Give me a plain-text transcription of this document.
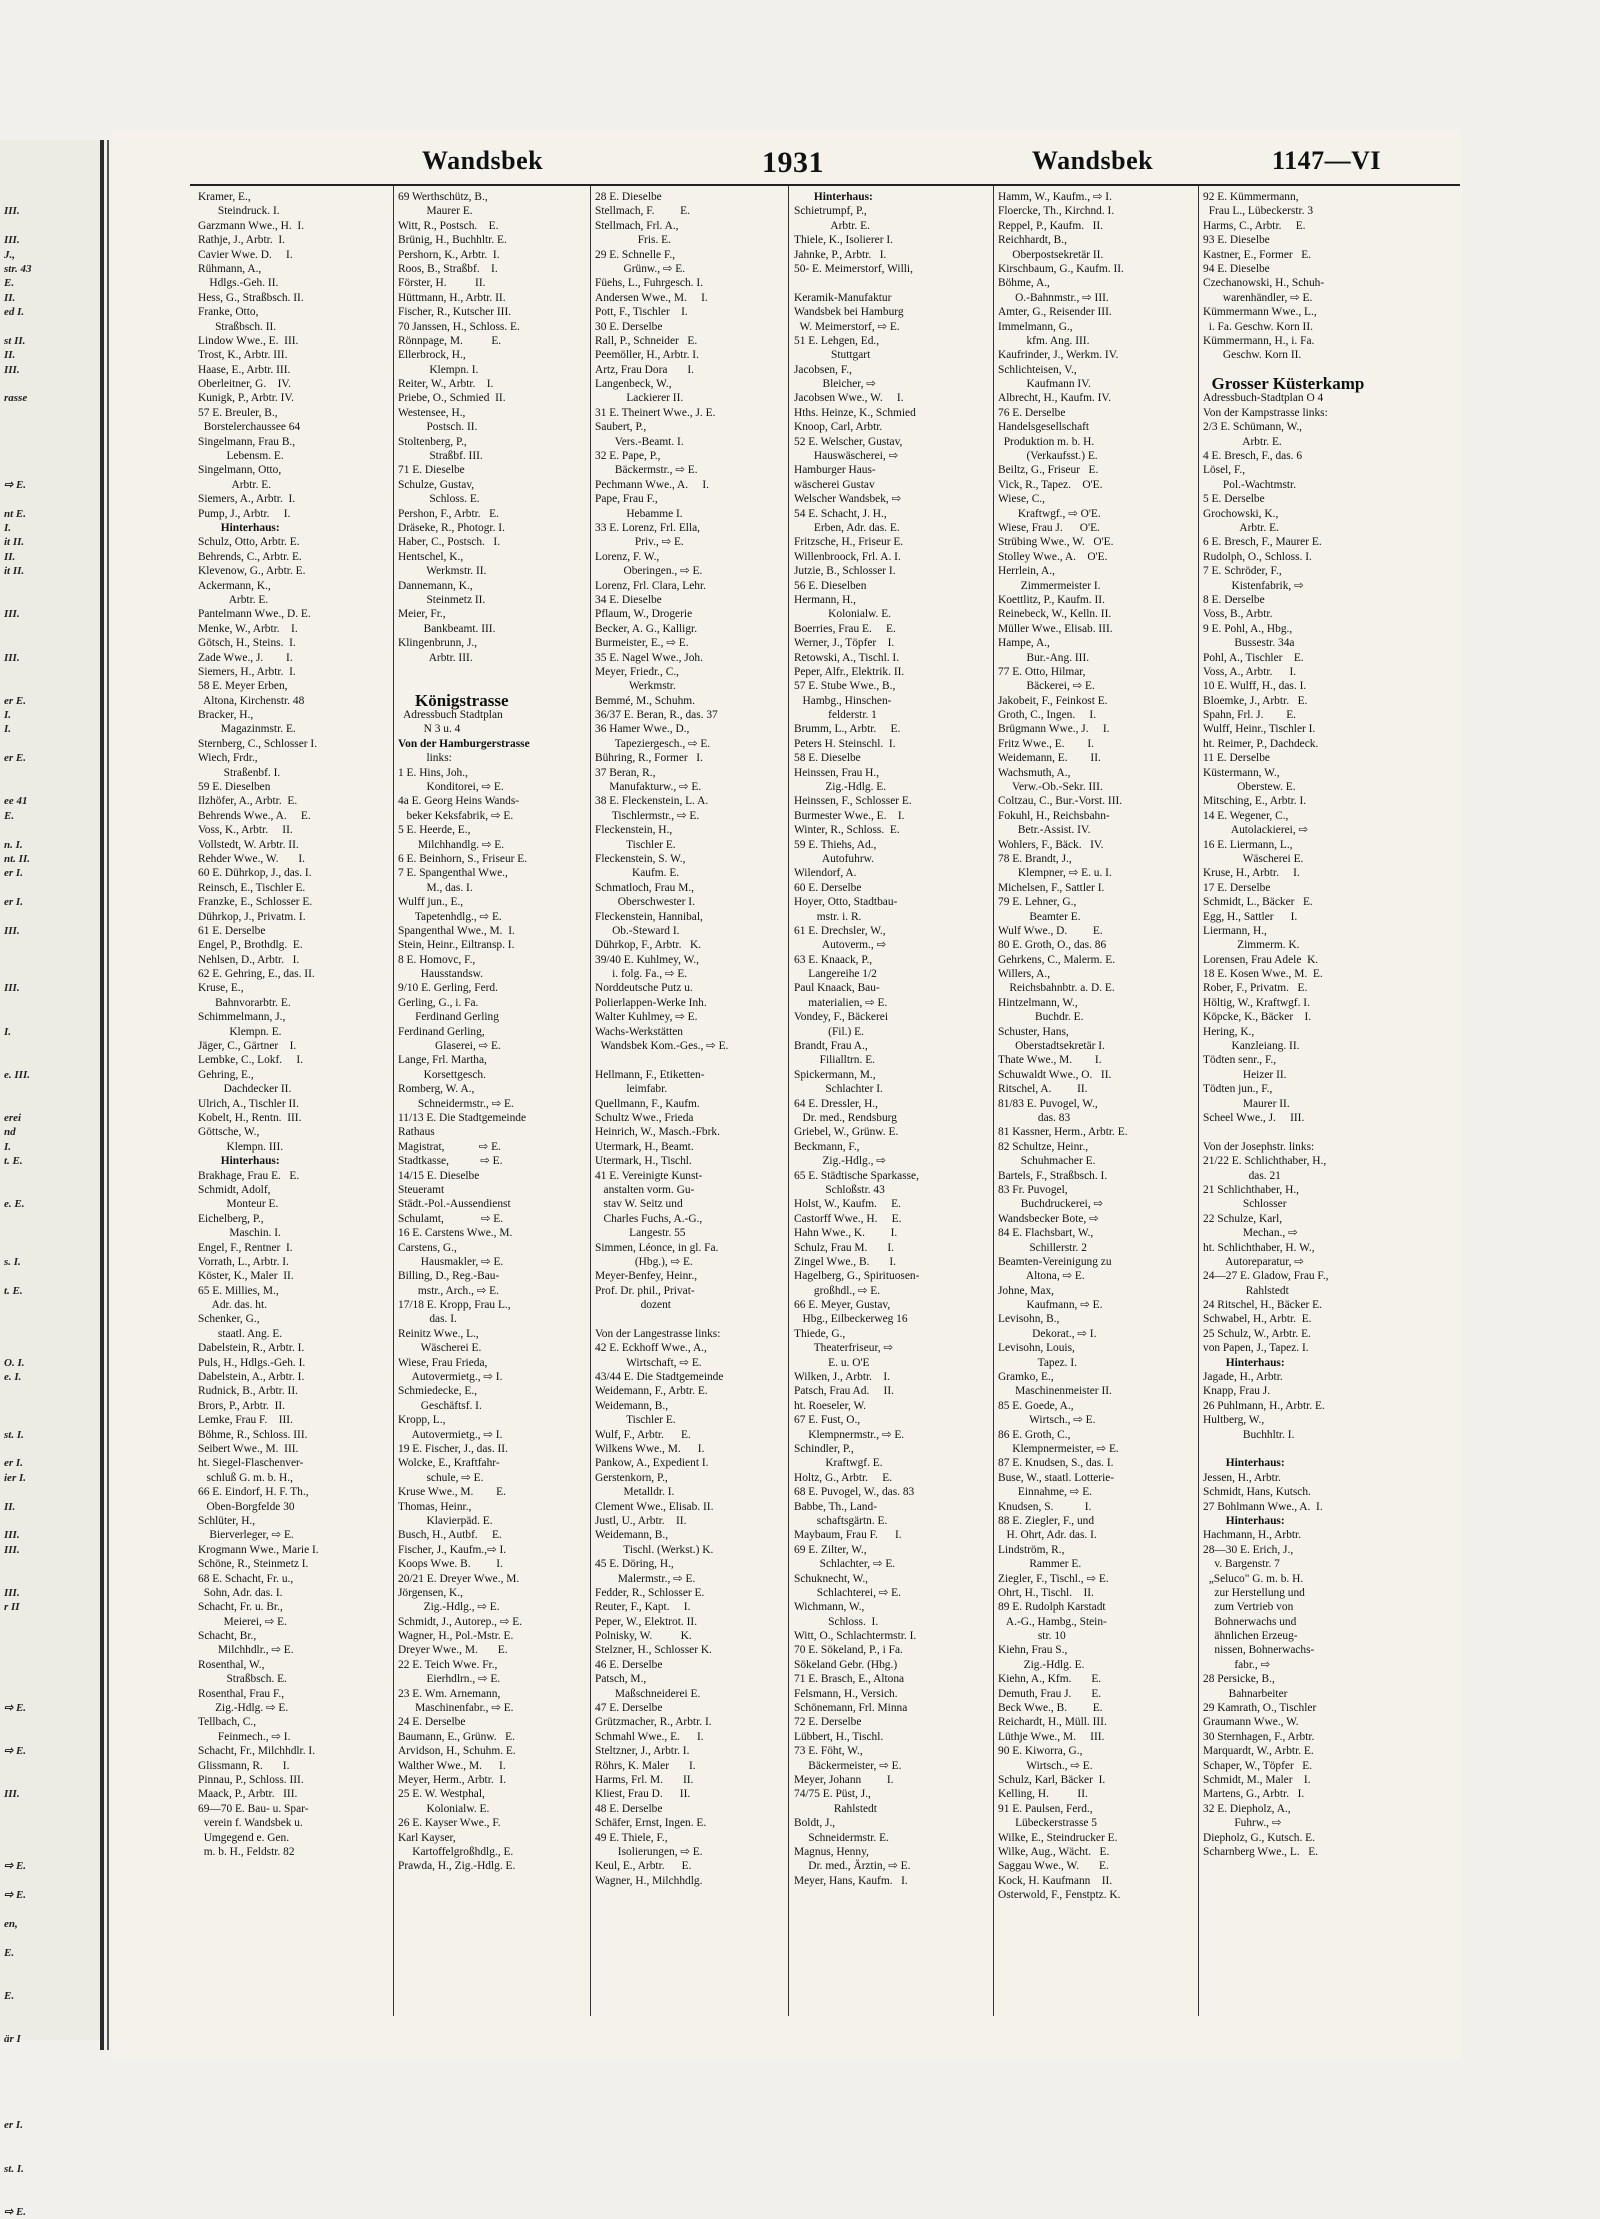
III.
III.
J.,
str. 43
E.
II.
ed I.
st II.
II.
III.
rasse
⇨ E.
nt E.
I.
it II.
II.
it II.
III.
III.
er E.
I.
I.
er E.
ee 41
E.
n. I.
nt. II.
er I.
er I.
III.
III.
I.
e. III.
erei
nd
I.
t. E.
e. E.
s. I.
t. E.
O. I.
e. I.
st. I.
er I.
ier I.
II.
III.
III.
III.
r II
⇨ E.
⇨ E.
III.
⇨ E.
⇨ E.
en,
E.
E.
är I
er I.
st. I.
⇨ E.
Wandsbek	1931	Wandsbek	1147—VI
Kramer, E.,
Steindruck. I.
Garzmann Wwe., H.  I.
Rathje, J., Arbtr.  I.
Cavier Wwe. D.     I.
Rühmann, A.,
Hdlgs.-Geh. II.
Hess, G., Straßbsch. II.
Franke, Otto,
Straßbsch. II.
Lindow Wwe., E.  III.
Trost, K., Arbtr. III.
Haase, E., Arbtr. III.
Oberleitner, G.    IV.
Kunigk, P., Arbtr. IV.
57 E. Breuler, B.,
Borstelerchaussee 64
Singelmann, Frau B.,
Lebensm. E.
Singelmann, Otto,
Arbtr. E.
Siemers, A., Arbtr.  I.
Pump, J., Arbtr.     I.
Hinterhaus:
Schulz, Otto, Arbtr. E.
Behrends, C., Arbtr. E.
Klevenow, G., Arbtr. E.
Ackermann, K.,
Arbtr. E.
Pantelmann Wwe., D. E.
Menke, W., Arbtr.    I.
Götsch, H., Steins.  I.
Zade Wwe., J.        I.
Siemers, H., Arbtr.  I.
58 E. Meyer Erben,
Altona, Kirchenstr. 48
Bracker, H.,
Magazinmstr. E.
Sternberg, C., Schlosser I.
Wiech, Frdr.,
Straßenbf. I.
59 E. Dieselben
Ilzhöfer, A., Arbtr.  E.
Behrends Wwe., A.     E.
Voss, K., Arbtr.     II.
Vollstedt, W. Arbtr. II.
Rehder Wwe., W.       I.
60 E. Dührkop, J., das. I.
Reinsch, E., Tischler E.
Franzke, E., Schlosser E.
Dührkop, J., Privatm. I.
61 E. Derselbe
Engel, P., Brothdlg.  E.
Nehlsen, D., Arbtr.   I.
62 E. Gehring, E., das. II.
Kruse, E.,
Bahnvorarbtr. E.
Schimmelmann, J.,
Klempn. E.
Jäger, C., Gärtner    I.
Lembke, C., Lokf.     I.
Gehring, E.,
Dachdecker II.
Ulrich, A., Tischler II.
Kobelt, H., Rentn.  III.
Göttsche, W.,
Klempn. III.
Hinterhaus:
Brakhage, Frau E.   E.
Schmidt, Adolf,
Monteur E.
Eichelberg, P.,
Maschin. I.
Engel, F., Rentner  I.
Vorrath, L., Arbtr. I.
Köster, K., Maler  II.
65 E. Millies, M.,
Adr. das. ht.
Schenker, G.,
staatl. Ang. E.
Dabelstein, R., Arbtr. I.
Puls, H., Hdlgs.-Geh. I.
Dabelstein, A., Arbtr. I.
Rudnick, B., Arbtr. II.
Brors, P., Arbtr.  II.
Lemke, Frau F.    III.
Böhme, R., Schloss. III.
Seibert Wwe., M.  III.
ht. Siegel-Flaschenver-
schluß G. m. b. H.,
66 E. Eindorf, H. F. Th.,
Oben-Borgfelde 30
Schlüter, H.,
Bierverleger, ⇨ E.
Krogmann Wwe., Marie I.
Schöne, R., Steinmetz I.
68 E. Schacht, Fr. u.,
Sohn, Adr. das. I.
Schacht, Fr. u. Br.,
Meierei, ⇨ E.
Schacht, Br.,
Milchhdlr., ⇨ E.
Rosenthal, W.,
Straßbsch. E.
Rosenthal, Frau F.,
Zig.-Hdlg. ⇨ E.
Tellbach, C.,
Feinmech., ⇨ I.
Schacht, Fr., Milchhdlr. I.
Glissmann, R.       I.
Pinnau, P., Schloss. III.
Maack, P., Arbtr.   III.
69—70 E. Bau- u. Spar-
verein f. Wandsbek u.
Umgegend e. Gen.
m. b. H., Feldstr. 82
69 Werthschütz, B.,
Maurer E.
Witt, R., Postsch.    E.
Brünig, H., Buchhltr. E.
Pershorn, K., Arbtr.  I.
Roos, B., Straßbf.    I.
Förster, H.          II.
Hüttmann, H., Arbtr. II.
Fischer, R., Kutscher III.
70 Janssen, H., Schloss. E.
Rönnpage, M.          E.
Ellerbrock, H.,
Klempn. I.
Reiter, W., Arbtr.    I.
Priebe, O., Schmied  II.
Westensee, H.,
Postsch. II.
Stoltenberg, P.,
Straßbf. III.
71 E. Dieselbe
Schulze, Gustav,
Schloss. E.
Pershon, F., Arbtr.   E.
Dräseke, R., Photogr. I.
Haber, C., Postsch.   I.
Hentschel, K.,
Werkmstr. II.
Dannemann, K.,
Steinmetz II.
Meier, Fr.,
Bankbeamt. III.
Klingenbrunn, J.,
Arbtr. III.
Königstrasse
Adressbuch Stadtplan
N 3 u. 4
Von der Hamburgerstrasse
links:
1 E. Hins, Joh.,
Konditorei, ⇨ E.
4a E. Georg Heins Wands-
beker Keksfabrik, ⇨ E.
5 E. Heerde, E.,
Milchhandlg. ⇨ E.
6 E. Beinhorn, S., Friseur E.
7 E. Spangenthal Wwe.,
M., das. I.
Wulff jun., E.,
Tapetenhdlg., ⇨ E.
Spangenthal Wwe., M.  I.
Stein, Heinr., Eiltransp. I.
8 E. Homovc, F.,
Hausstandsw.
9/10 E. Gerling, Ferd.
Gerling, G., i. Fa.
Ferdinand Gerling
Ferdinand Gerling,
Glaserei, ⇨ E.
Lange, Frl. Martha,
Korsettgesch.
Romberg, W. A.,
Schneidermstr., ⇨ E.
11/13 E. Die Stadtgemeinde
Rathaus
Magistrat,            ⇨ E.
Stadtkasse,           ⇨ E.
14/15 E. Dieselbe
Steueramt
Städt.-Pol.-Aussendienst
Schulamt,             ⇨ E.
16 E. Carstens Wwe., M.
Carstens, G.,
Hausmakler, ⇨ E.
Billing, D., Reg.-Bau-
mstr., Arch., ⇨ E.
17/18 E. Kropp, Frau L.,
das. I.
Reinitz Wwe., L.,
Wäscherei E.
Wiese, Frau Frieda,
Autovermietg., ⇨ I.
Schmiedecke, E.,
Geschäftsf. I.
Kropp, L.,
Autovermietg., ⇨ I.
19 E. Fischer, J., das. II.
Wolcke, E., Kraftfahr-
schule, ⇨ E.
Kruse Wwe., M.        E.
Thomas, Heinr.,
Klavierpäd. E.
Busch, H., Autbf.     E.
Fischer, J., Kaufm.,⇨ I.
Koops Wwe. B.         I.
20/21 E. Dreyer Wwe., M.
Jörgensen, K.,
Zig.-Hdlg., ⇨ E.
Schmidt, J., Autorep., ⇨ E.
Wagner, H., Pol.-Mstr. E.
Dreyer Wwe., M.       E.
22 E. Teich Wwe. Fr.,
Eierhdlrn., ⇨ E.
23 E. Wm. Arnemann,
Maschinenfabr., ⇨ E.
24 E. Derselbe
Baumann, E., Grünw.   E.
Arvidson, H., Schuhm. E.
Walther Wwe., M.      I.
Meyer, Herm., Arbtr.  I.
25 E. W. Westphal,
Kolonialw. E.
26 E. Kayser Wwe., F.
Karl Kayser,
Kartoffelgroßhdlg., E.
Prawda, H., Zig.-Hdlg. E.
28 E. Dieselbe
Stellmach, F.         E.
Stellmach, Frl. A.,
Fris. E.
29 E. Schnelle F.,
Grünw., ⇨ E.
Füehs, L., Fuhrgesch. I.
Andersen Wwe., M.     I.
Pott, F., Tischler    I.
30 E. Derselbe
Rall, P., Schneider   E.
Peemöller, H., Arbtr. I.
Artz, Frau Dora       I.
Langenbeck, W.,
Lackierer II.
31 E. Theinert Wwe., J. E.
Saubert, P.,
Vers.-Beamt. I.
32 E. Pape, P.,
Bäckermstr., ⇨ E.
Pechmann Wwe., A.     I.
Pape, Frau F.,
Hebamme I.
33 E. Lorenz, Frl. Ella,
Priv., ⇨ E.
Lorenz, F. W.,
Oberingen., ⇨ E.
Lorenz, Frl. Clara, Lehr.
34 E. Dieselbe
Pflaum, W., Drogerie
Becker, A. G., Kalligr.
Burmeister, E., ⇨ E.
35 E. Nagel Wwe., Joh.
Meyer, Friedr., C.,
Werkmstr.
Bemmé, M., Schuhm.
36/37 E. Beran, R., das. 37
36 Hamer Wwe., D.,
Tapeziergesch., ⇨ E.
Bühring, R., Former   I.
37 Beran, R.,
Manufakturw., ⇨ E.
38 E. Fleckenstein, L. A.
Tischlermstr., ⇨ E.
Fleckenstein, H.,
Tischler E.
Fleckenstein, S. W.,
Kaufm. E.
Schmatloch, Frau M.,
Oberschwester I.
Fleckenstein, Hannibal,
Ob.-Steward I.
Dührkop, F., Arbtr.   K.
39/40 E. Kuhlmey, W.,
i. folg. Fa., ⇨ E.
Norddeutsche Putz u.
Polierlappen-Werke Inh.
Walter Kuhlmey, ⇨ E.
Wachs-Werkstätten
Wandsbek Kom.-Ges., ⇨ E.
Hellmann, F., Etiketten-
leimfabr.
Quellmann, F., Kaufm.
Schultz Wwe., Frieda
Heinrich, W., Masch.-Fbrk.
Utermark, H., Beamt.
Utermark, H., Tischl.
41 E. Vereinigte Kunst-
anstalten vorm. Gu-
stav W. Seitz und
Charles Fuchs, A.-G.,
Langestr. 55
Simmen, Léonce, in gl. Fa.
(Hbg.), ⇨ E.
Meyer-Benfey, Heinr.,
Prof. Dr. phil., Privat-
dozent
Von der Langestrasse links:
42 E. Eckhoff Wwe., A.,
Wirtschaft, ⇨ E.
43/44 E. Die Stadtgemeinde
Weidemann, F., Arbtr. E.
Weidemann, B.,
Tischler E.
Wulf, F., Arbtr.      E.
Wilkens Wwe., M.      I.
Pankow, A., Expedient I.
Gerstenkorn, P.,
Metalldr. I.
Clement Wwe., Elisab. II.
Justl, U., Arbtr.    II.
Weidemann, B.,
Tischl. (Werkst.) K.
45 E. Döring, H.,
Malermstr., ⇨ E.
Fedder, R., Schlosser E.
Reuter, F., Kapt.     I.
Peper, W., Elektrot. II.
Polnisky, W.          K.
Stelzner, H., Schlosser K.
46 E. Derselbe
Patsch, M.,
Maßschneiderei E.
47 E. Derselbe
Grützmacher, R., Arbtr. I.
Schmahl Wwe., E.      I.
Steltzner, J., Arbtr. I.
Röhrs, K. Maler       I.
Harms, Frl. M.       II.
Kliest, Frau D.      II.
48 E. Derselbe
Schäfer, Ernst, Ingen. E.
49 E. Thiele, F.,
Isolierungen, ⇨ E.
Keul, E., Arbtr.      E.
Wagner, H., Milchhdlg.
Hinterhaus:
Schietrumpf, P.,
Arbtr. E.
Thiele, K., Isolierer I.
Jahnke, P., Arbtr.   I.
50- E. Meimerstorf, Willi,
Keramik-Manufaktur
Wandsbek bei Hamburg
W. Meimerstorf, ⇨ E.
51 E. Lehgen, Ed.,
Stuttgart
Jacobsen, F.,
Bleicher, ⇨
Jacobsen Wwe., W.     I.
Hths. Heinze, K., Schmied
Knoop, Carl, Arbtr.
52 E. Welscher, Gustav,
Hauswäscherei, ⇨
Hamburger Haus-
wäscherei Gustav
Welscher Wandsbek, ⇨
54 E. Schacht, J. H.,
Erben, Adr. das. E.
Fritzsche, H., Friseur E.
Willenbroock, Frl. A. I.
Jutzie, B., Schlosser I.
56 E. Dieselben
Hermann, H.,
Kolonialw. E.
Boerries, Frau E.     E.
Werner, J., Töpfer    I.
Retowski, A., Tischl. I.
Peper, Alfr., Elektrik. II.
57 E. Stube Wwe., B.,
Hambg., Hinschen-
felderstr. 1
Brumm, L., Arbtr.     E.
Peters H. Steinschl.  I.
58 E. Dieselbe
Heinssen, Frau H.,
Zig.-Hdlg. E.
Heinssen, F., Schlosser E.
Burmester Wwe., E.    I.
Winter, R., Schloss.  E.
59 E. Thiehs, Ad.,
Autofuhrw.
Wilendorf, A.
60 E. Derselbe
Hoyer, Otto, Stadtbau-
mstr. i. R.
61 E. Drechsler, W.,
Autoverm., ⇨
63 E. Knaack, P.,
Langereihe 1/2
Paul Knaack, Bau-
materialien, ⇨ E.
Vondey, F., Bäckerei
(Fil.) E.
Brandt, Frau A.,
Filialltrn. E.
Spickermann, M.,
Schlachter I.
64 E. Dressler, H.,
Dr. med., Rendsburg
Griebel, W., Grünw. E.
Beckmann, F.,
Zig.-Hdlg., ⇨
65 E. Städtische Sparkasse,
Schloßstr. 43
Holst, W., Kaufm.     E.
Castorff Wwe., H.     E.
Hahn Wwe., K.         I.
Schulz, Frau M.       I.
Zingel Wwe., B.       I.
Hagelberg, G., Spirituosen-
großhdl., ⇨ E.
66 E. Meyer, Gustav,
Hbg., Eilbeckerweg 16
Thiede, G.,
Theaterfriseur, ⇨
E. u. O'E
Wilken, J., Arbtr.    I.
Patsch, Frau Ad.     II.
ht. Roeseler, W.
67 E. Fust, O.,
Klempnermstr., ⇨ E.
Schindler, P.,
Kraftwgf. E.
Holtz, G., Arbtr.     E.
68 E. Puvogel, W., das. 83
Babbe, Th., Land-
schaftsgärtn. E.
Maybaum, Frau F.      I.
69 E. Zilter, W.,
Schlachter, ⇨ E.
Schuknecht, W.,
Schlachterei, ⇨ E.
Wichmann, W.,
Schloss.  I.
Witt, O., Schlachtermstr. I.
70 E. Sökeland, P., i Fa.
Sökeland Gebr. (Hbg.)
71 E. Brasch, E., Altona
Felsmann, H., Versich.
Schönemann, Frl. Minna
72 E. Derselbe
Lübbert, H., Tischl.
73 E. Föht, W.,
Bäckermeister, ⇨ E.
Meyer, Johann         I.
74/75 E. Püst, J.,
Rahlstedt
Boldt, J.,
Schneidermstr. E.
Magnus, Henny,
Dr. med., Ärztin, ⇨ E.
Meyer, Hans, Kaufm.   I.
Hamm, W., Kaufm., ⇨ I.
Floercke, Th., Kirchnd. I.
Reppel, P., Kaufm.   II.
Reichhardt, B.,
Oberpostsekretär II.
Kirschbaum, G., Kaufm. II.
Böhme, A.,
O.-Bahnmstr., ⇨ III.
Amter, G., Reisender III.
Immelmann, G.,
kfm. Ang. III.
Kaufrinder, J., Werkm. IV.
Schlichteisen, V.,
Kaufmann IV.
Albrecht, H., Kaufm. IV.
76 E. Derselbe
Handelsgesellschaft
Produktion m. b. H.
(Verkaufsst.) E.
Beiltz, G., Friseur   E.
Vick, R., Tapez.    O'E.
Wiese, C.,
Kraftwgf., ⇨ O'E.
Wiese, Frau J.      O'E.
Strübing Wwe., W.   O'E.
Stolley Wwe., A.    O'E.
Herrlein, A.,
Zimmermeister I.
Koettlitz, P., Kaufm. II.
Reinebeck, W., Kelln. II.
Müller Wwe., Elisab. III.
Hampe, A.,
Bur.-Ang. III.
77 E. Otto, Hilmar,
Bäckerei, ⇨ E.
Jakobeit, F., Feinkost E.
Groth, C., Ingen.     I.
Brügmann Wwe., J.     I.
Fritz Wwe., E.        I.
Weidemann, E.        II.
Wachsmuth, A.,
Verw.-Ob.-Sekr. III.
Coltzau, C., Bur.-Vorst. III.
Fokuhl, H., Reichsbahn-
Betr.-Assist. IV.
Wohlers, F., Bäck.   IV.
78 E. Brandt, J.,
Klempner, ⇨ E. u. I.
Michelsen, F., Sattler I.
79 E. Lehner, G.,
Beamter E.
Wulf Wwe., D.         E.
80 E. Groth, O., das. 86
Gehrkens, C., Malerm. E.
Willers, A.,
Reichsbahnbtr. a. D. E.
Hintzelmann, W.,
Buchdr. E.
Schuster, Hans,
Oberstadtsekretär I.
Thate Wwe., M.        I.
Schuwaldt Wwe., O.   II.
Ritschel, A.         II.
81/83 E. Puvogel, W.,
das. 83
81 Kassner, Herm., Arbtr. E.
82 Schultze, Heinr.,
Schuhmacher E.
Bartels, F., Straßbsch. I.
83 Fr. Puvogel,
Buchdruckerei, ⇨
Wandsbecker Bote, ⇨
84 E. Flachsbart, W.,
Schillerstr. 2
Beamten-Vereinigung zu
Altona, ⇨ E.
Johne, Max,
Kaufmann, ⇨ E.
Levisohn, B.,
Dekorat., ⇨ I.
Levisohn, Louis,
Tapez. I.
Gramko, E.,
Maschinenmeister II.
85 E. Goede, A.,
Wirtsch., ⇨ E.
86 E. Groth, C.,
Klempnermeister, ⇨ E.
87 E. Knudsen, S., das. I.
Buse, W., staatl. Lotterie-
Einnahme, ⇨ E.
Knudsen, S.           I.
88 E. Ziegler, F., und
H. Ohrt, Adr. das. I.
Lindström, R.,
Rammer E.
Ziegler, F., Tischl., ⇨ E.
Ohrt, H., Tischl.    II.
89 E. Rudolph Karstadt
A.-G., Hambg., Stein-
str. 10
Kiehn, Frau S.,
Zig.-Hdlg. E.
Kiehn, A., Kfm.       E.
Demuth, Frau J.       E.
Beck Wwe., B.         E.
Reichardt, H., Müll. III.
Lüthje Wwe., M.     III.
90 E. Kiworra, G.,
Wirtsch., ⇨ E.
Schulz, Karl, Bäcker  I.
Kelling, H.          II.
91 E. Paulsen, Ferd.,
Lübeckerstrasse 5
Wilke, E., Steindrucker E.
Wilke, Aug., Wächt.   E.
Saggau Wwe., W.       E.
Kock, H. Kaufmann    II.
Osterwold, F., Fenstptz. K.
92 E. Kümmermann,
Frau L., Lübeckerstr. 3
Harms, C., Arbtr.     E.
93 E. Dieselbe
Kastner, E., Former   E.
94 E. Dieselbe
Czechanowski, H., Schuh-
warenhändler, ⇨ E.
Kümmermann Wwe., L.,
i. Fa. Geschw. Korn II.
Kümmermann, H., i. Fa.
Geschw. Korn II.
Grosser Küsterkamp
Adressbuch-Stadtplan O 4
Von der Kampstrasse links:
2/3 E. Schümann, W.,
Arbtr. E.
4 E. Bresch, F., das. 6
Lösel, F.,
Pol.-Wachtmstr.
5 E. Derselbe
Grochowski, K.,
Arbtr. E.
6 E. Bresch, F., Maurer E.
Rudolph, O., Schloss. I.
7 E. Schröder, F.,
Kistenfabrik, ⇨
8 E. Derselbe
Voss, B., Arbtr.
9 E. Pohl, A., Hbg.,
Bussestr. 34a
Pohl, A., Tischler    E.
Voss, A., Arbtr.      I.
10 E. Wulff, H., das. I.
Bloemke, J., Arbtr.   E.
Spahn, Frl. J.        E.
Wulff, Heinr., Tischler I.
ht. Reimer, P., Dachdeck.
11 E. Derselbe
Küstermann, W.,
Oberstew. E.
Mitsching, E., Arbtr. I.
14 E. Wegener, C.,
Autolackierei, ⇨
16 E. Liermann, L.,
Wäscherei E.
Kruse, H., Arbtr.     I.
17 E. Derselbe
Schmidt, L., Bäcker   E.
Egg, H., Sattler      I.
Liermann, H.,
Zimmerm. K.
Lorensen, Frau Adele  K.
18 E. Kosen Wwe., M.  E.
Rober, F., Privatm.   E.
Höltig, W., Kraftwgf. I.
Köpcke, K., Bäcker    I.
Hering, K.,
Kanzleiang. II.
Tödten senr., F.,
Heizer II.
Tödten jun., F.,
Maurer II.
Scheel Wwe., J.     III.
Von der Josephstr. links:
21/22 E. Schlichthaber, H.,
das. 21
21 Schlichthaber, H.,
Schlosser
22 Schulze, Karl,
Mechan., ⇨
ht. Schlichthaber, H. W.,
Autoreparatur, ⇨
24—27 E. Gladow, Frau F.,
Rahlstedt
24 Ritschel, H., Bäcker E.
Schwabel, H., Arbtr.  E.
25 Schulz, W., Arbtr. E.
von Papen, J., Tapez. I.
Hinterhaus:
Jagade, H., Arbtr.
Knapp, Frau J.
26 Puhlmann, H., Arbtr. E.
Hultberg, W.,
Buchhltr. I.
Hinterhaus:
Jessen, H., Arbtr.
Schmidt, Hans, Kutsch.
27 Bohlmann Wwe., A.  I.
Hinterhaus:
Hachmann, H., Arbtr.
28—30 E. Erich, J.,
v. Bargenstr. 7
„Seluco" G. m. b. H.
zur Herstellung und
zum Vertrieb von
Bohnerwachs und
ähnlichen Erzeug-
nissen, Bohnerwachs-
fabr., ⇨
28 Persicke, B.,
Bahnarbeiter
29 Kamrath, O., Tischler
Graumann Wwe., W.
30 Sternhagen, F., Arbtr.
Marquardt, W., Arbtr. E.
Schaper, W., Töpfer   E.
Schmidt, M., Maler    I.
Martens, G., Arbtr.   I.
32 E. Diepholz, A.,
Fuhrw., ⇨
Diepholz, G., Kutsch. E.
Scharnberg Wwe., L.   E.
